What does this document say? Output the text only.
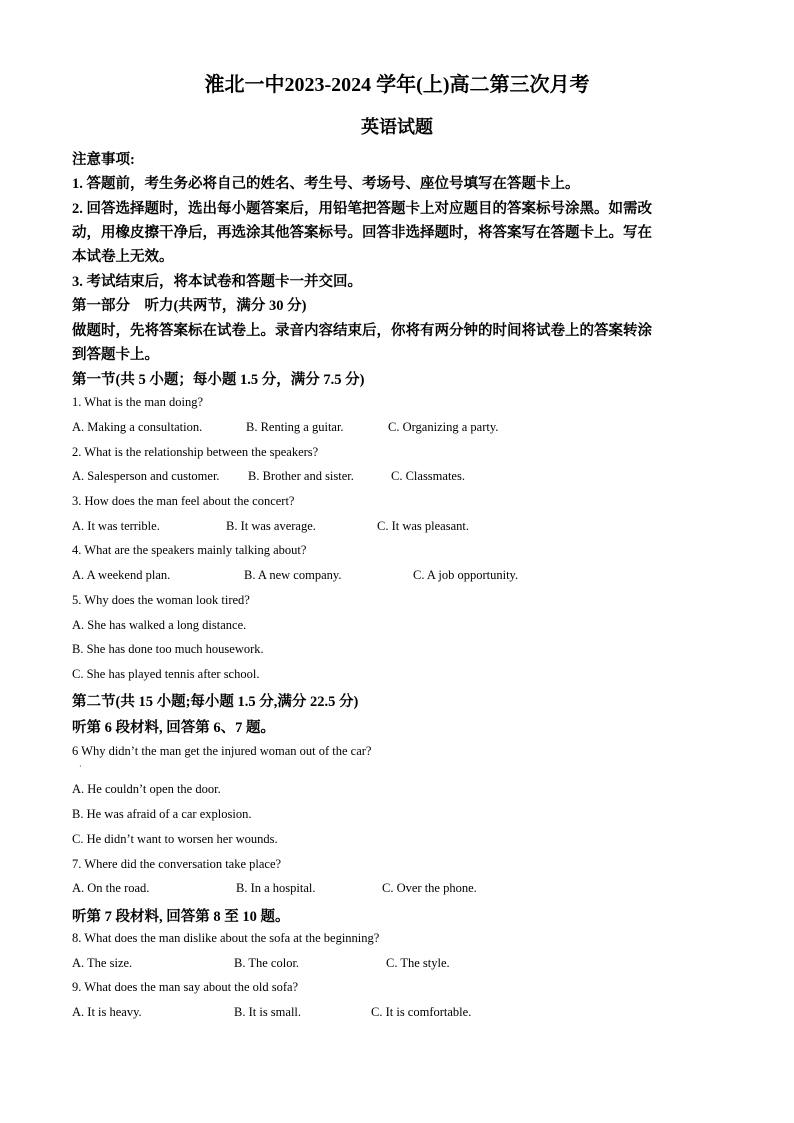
淮北一中2023-2024 学年(上)高二第三次月考
英语试题
注意事项:
1. 答题前，考生务必将自己的姓名、考生号、考场号、座位号填写在答题卡上。
2. 回答选择题时，选出每小题答案后，用铅笔把答题卡上对应题目的答案标号涂黑。如需改
动，用橡皮擦干净后，再选涂其他答案标号。回答非选择题时，将答案写在答题卡上。写在
本试卷上无效。
3. 考试结束后，将本试卷和答题卡一并交回。
第一部分　听力(共两节，满分 30 分)
做题时，先将答案标在试卷上。录音内容结束后，你将有两分钟的时间将试卷上的答案转涂
到答题卡上。
第一节(共 5 小题；每小题 1.5 分，满分 7.5 分)
1. What is the man doing?
A. Making a consultation.	B. Renting a guitar.	C. Organizing a party.
2. What is the relationship between the speakers?
A. Salesperson and customer. B. Brother and sister.	C. Classmates.
3. How does the man feel about the concert?
A. It was terrible.	B. It was average.	C. It was pleasant.
4. What are the speakers mainly talking about?
A. A weekend plan.	B. A new company.	C. A job opportunity.
5. Why does the woman look tired?
A. She has walked a long distance.
B. She has done too much housework.
C. She has played tennis after school.
第二节(共 15 小题;每小题 1.5 分,满分 22.5 分)
听第 6 段材料, 回答第 6、7 题。
6 Why didn’t the man get the injured woman out of the car?
·
A. He couldn’t open the door.
B. He was afraid of a car explosion.
C. He didn’t want to worsen her wounds.
7. Where did the conversation take place?
A. On the road.	B. In a hospital.	C. Over the phone.
听第 7 段材料, 回答第 8 至 10 题。
8. What does the man dislike about the sofa at the beginning?
A. The size.	B. The color.	C. The style.
9. What does the man say about the old sofa?
A. It is heavy.	B. It is small.	C. It is comfortable.
